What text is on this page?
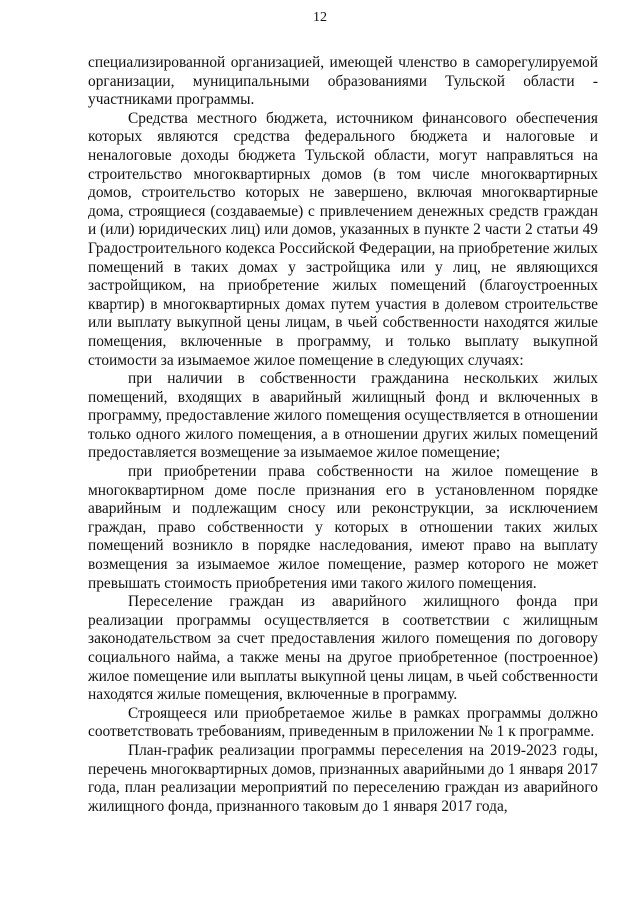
12

специализированной организацией, имеющей членство в саморегулируемой организации, муниципальными образованиями Тульской области - участниками программы.

Средства местного бюджета, источником финансового обеспечения которых являются средства федерального бюджета и налоговые и неналоговые доходы бюджета Тульской области, могут направляться на строительство многоквартирных домов (в том числе многоквартирных домов, строительство которых не завершено, включая многоквартирные дома, строящиеся (создаваемые) с привлечением денежных средств граждан и (или) юридических лиц) или домов, указанных в пункте 2 части 2 статьи 49 Градостроительного кодекса Российской Федерации, на приобретение жилых помещений в таких домах у застройщика или у лиц, не являющихся застройщиком, на приобретение жилых помещений (благоустроенных квартир) в многоквартирных домах путем участия в долевом строительстве или выплату выкупной цены лицам, в чьей собственности находятся жилые помещения, включенные в программу, и только выплату выкупной стоимости за изымаемое жилое помещение в следующих случаях:

при наличии в собственности гражданина нескольких жилых помещений, входящих в аварийный жилищный фонд и включенных в программу, предоставление жилого помещения осуществляется в отношении только одного жилого помещения, а в отношении других жилых помещений предоставляется возмещение за изымаемое жилое помещение;

при приобретении права собственности на жилое помещение в многоквартирном доме после признания его в установленном порядке аварийным и подлежащим сносу или реконструкции, за исключением граждан, право собственности у которых в отношении таких жилых помещений возникло в порядке наследования, имеют право на выплату возмещения за изымаемое жилое помещение, размер которого не может превышать стоимость приобретения ими такого жилого помещения.

Переселение граждан из аварийного жилищного фонда при реализации программы осуществляется в соответствии с жилищным законодательством за счет предоставления жилого помещения по договору социального найма, а также мены на другое приобретенное (построенное) жилое помещение или выплаты выкупной цены лицам, в чьей собственности находятся жилые помещения, включенные в программу.

Строящееся или приобретаемое жилье в рамках программы должно соответствовать требованиям, приведенным в приложении № 1 к программе.

План-график реализации программы переселения на 2019-2023 годы, перечень многоквартирных домов, признанных аварийными до 1 января 2017 года, план реализации мероприятий по переселению граждан из аварийного жилищного фонда, признанного таковым до 1 января 2017 года,
